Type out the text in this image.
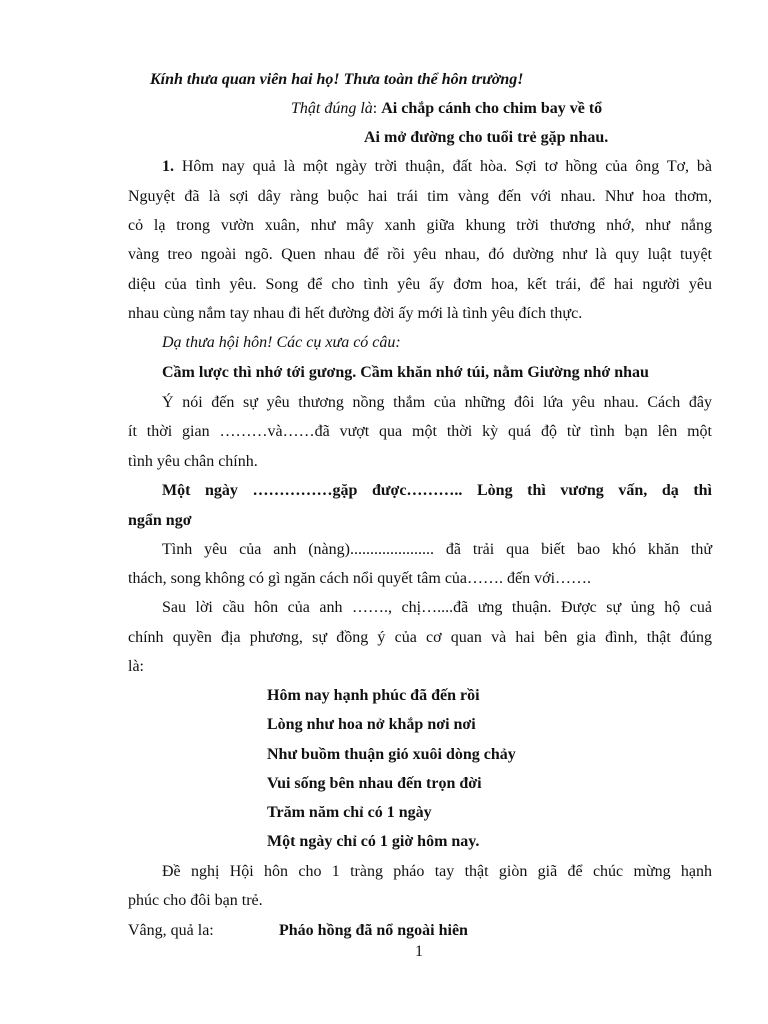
Kính thưa quan viên hai họ! Thưa toàn thể hôn trường!
Thật đúng là: Ai chắp cánh cho chim bay về tổ
Ai mở đường cho tuổi trẻ gặp nhau.
1. Hôm nay quả là một ngày trời thuận, đất hòa. Sợi tơ hồng của ông Tơ, bà
Nguyệt đã là sợi dây ràng buộc hai trái tim vàng đến với nhau. Như hoa thơm,
cỏ lạ trong vườn xuân, như mây xanh giữa khung trời thương nhớ, như nắng
vàng treo ngoài ngõ. Quen nhau để rồi yêu nhau, đó dường như là quy luật tuyệt
diệu của tình yêu. Song để cho tình yêu ấy đơm hoa, kết trái, để hai người yêu
nhau cùng nắm tay nhau đi hết đường đời ấy mới là tình yêu đích thực.
Dạ thưa hội hôn! Các cụ xưa có câu:
Cầm lược thì nhớ tới gương. Cầm khăn nhớ túi, nằm Giường nhớ nhau
Ý nói đến sự yêu thương nồng thắm của những đôi lứa yêu nhau. Cách đây
ít thời gian ………và……đã vượt qua một thời kỳ quá độ từ tình bạn lên một
tình yêu chân chính.
Một ngày ……………gặp được……….. Lòng thì vương vấn, dạ thì
ngẩn ngơ
Tình yêu của anh (nàng)..................... đã trải qua biết bao khó khăn thử
thách, song không có gì ngăn cách nổi quyết tâm của……. đến với…….
Sau lời cầu hôn của anh ……., chị…....đã ưng thuận. Được sự ủng hộ cuả
chính quyền địa phương, sự đồng ý của cơ quan và hai bên gia đình, thật đúng
là:
Hôm nay hạnh phúc đã đến rồi
Lòng như hoa nở khắp nơi nơi
Như buồm thuận gió xuôi dòng chảy
Vui sống bên nhau đến trọn đời
Trăm năm chỉ có 1 ngày
Một ngày chỉ có 1 giờ hôm nay.
Đề nghị Hội hôn cho 1 tràng pháo tay thật giòn giã để chúc mừng hạnh
phúc cho đôi bạn trẻ.
Vâng, quả la:	Pháo hồng đã nổ ngoài hiên
1
